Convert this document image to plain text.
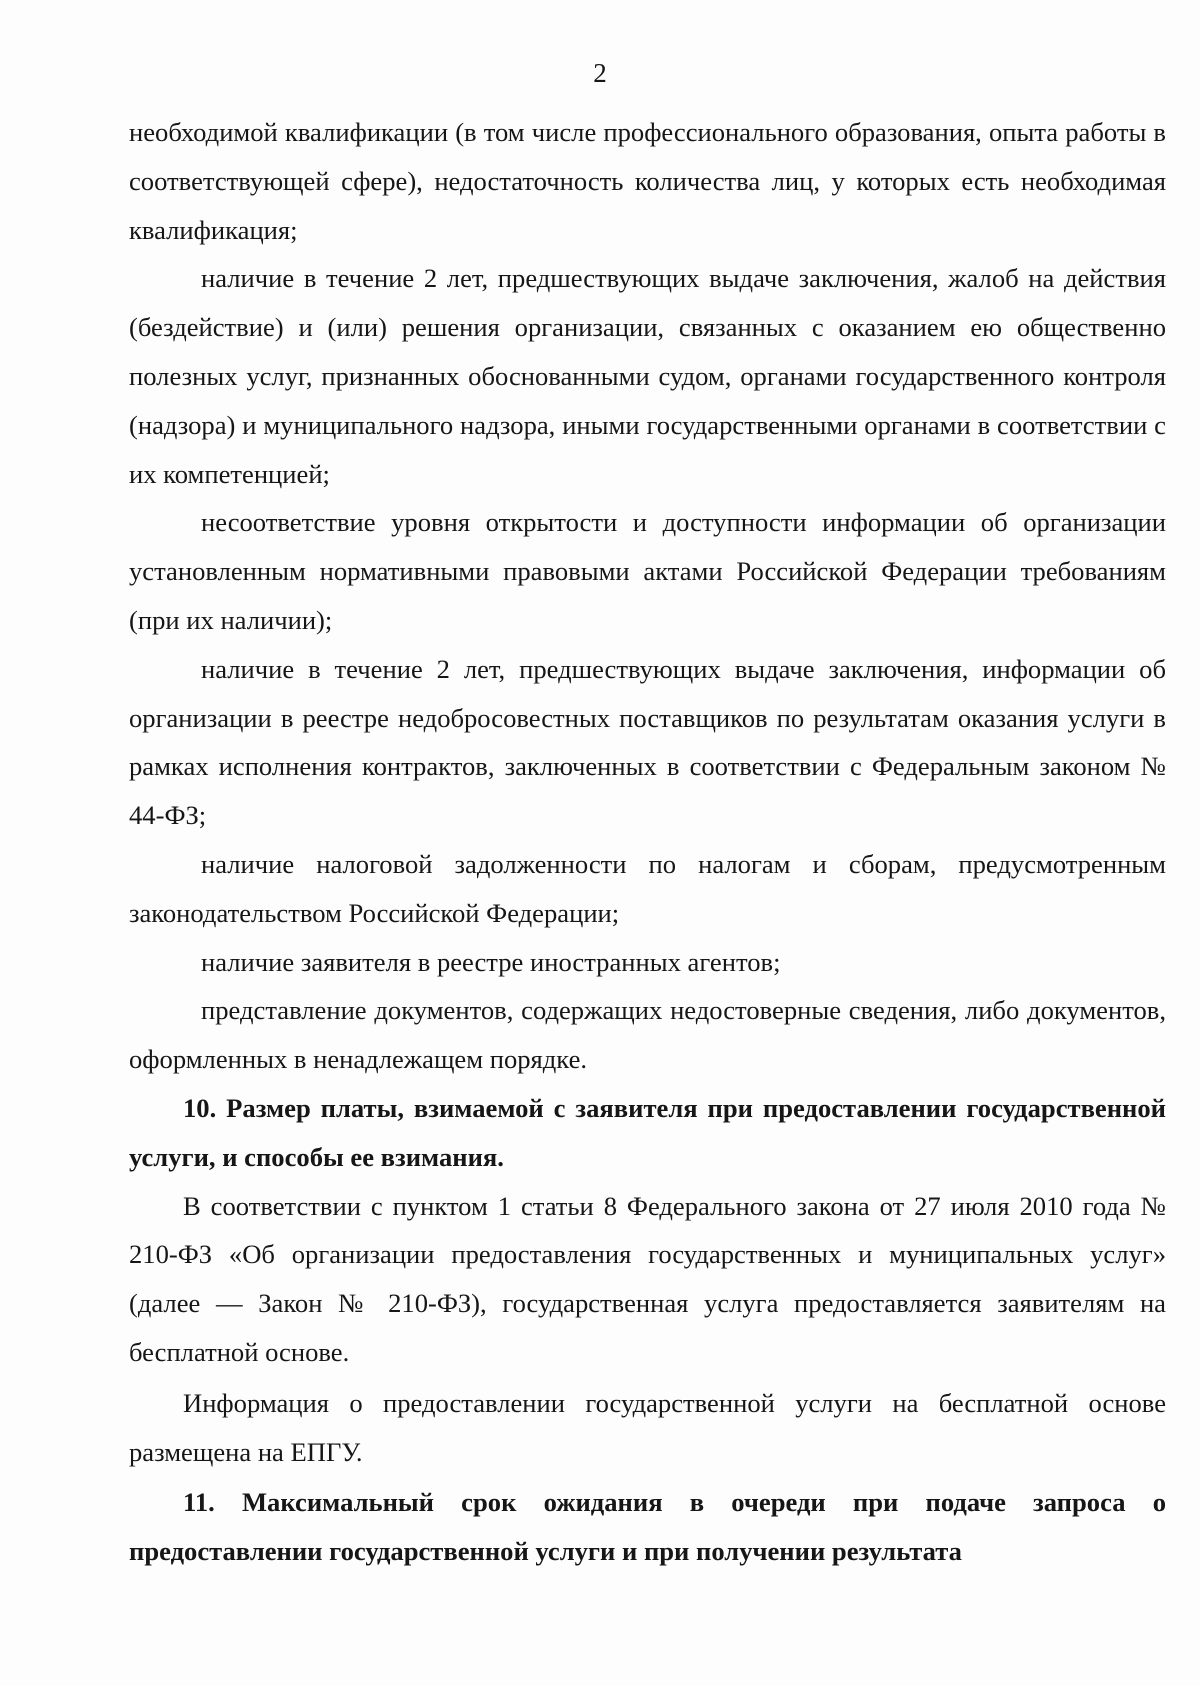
2

необходимой квалификации (в том числе профессионального образования, опыта работы в соответствующей сфере), недостаточность количества лиц, у которых есть необходимая квалификация;

наличие в течение 2 лет, предшествующих выдаче заключения, жалоб на действия (бездействие) и (или) решения организации, связанных с оказанием ею общественно полезных услуг, признанных обоснованными судом, органами государственного контроля (надзора) и муниципального надзора, иными государственными органами в соответствии с их компетенцией;

несоответствие уровня открытости и доступности информации об организации установленным нормативными правовыми актами Российской Федерации требованиям (при их наличии);

наличие в течение 2 лет, предшествующих выдаче заключения, информации об организации в реестре недобросовестных поставщиков по результатам оказания услуги в рамках исполнения контрактов, заключенных в соответствии с Федеральным законом № 44-ФЗ;

наличие налоговой задолженности по налогам и сборам, предусмотренным законодательством Российской Федерации;

наличие заявителя в реестре иностранных агентов;

представление документов, содержащих недостоверные сведения, либо документов, оформленных в ненадлежащем порядке.

10. Размер платы, взимаемой с заявителя при предоставлении государственной услуги, и способы ее взимания.

В соответствии с пунктом 1 статьи 8 Федерального закона от 27 июля 2010 года № 210-ФЗ «Об организации предоставления государственных и муниципальных услуг» (далее — Закон № 210-ФЗ), государственная услуга предоставляется заявителям на бесплатной основе.

Информация о предоставлении государственной услуги на бесплатной основе размещена на ЕПГУ.

11. Максимальный срок ожидания в очереди при подаче запроса о предоставлении государственной услуги и при получении результата
